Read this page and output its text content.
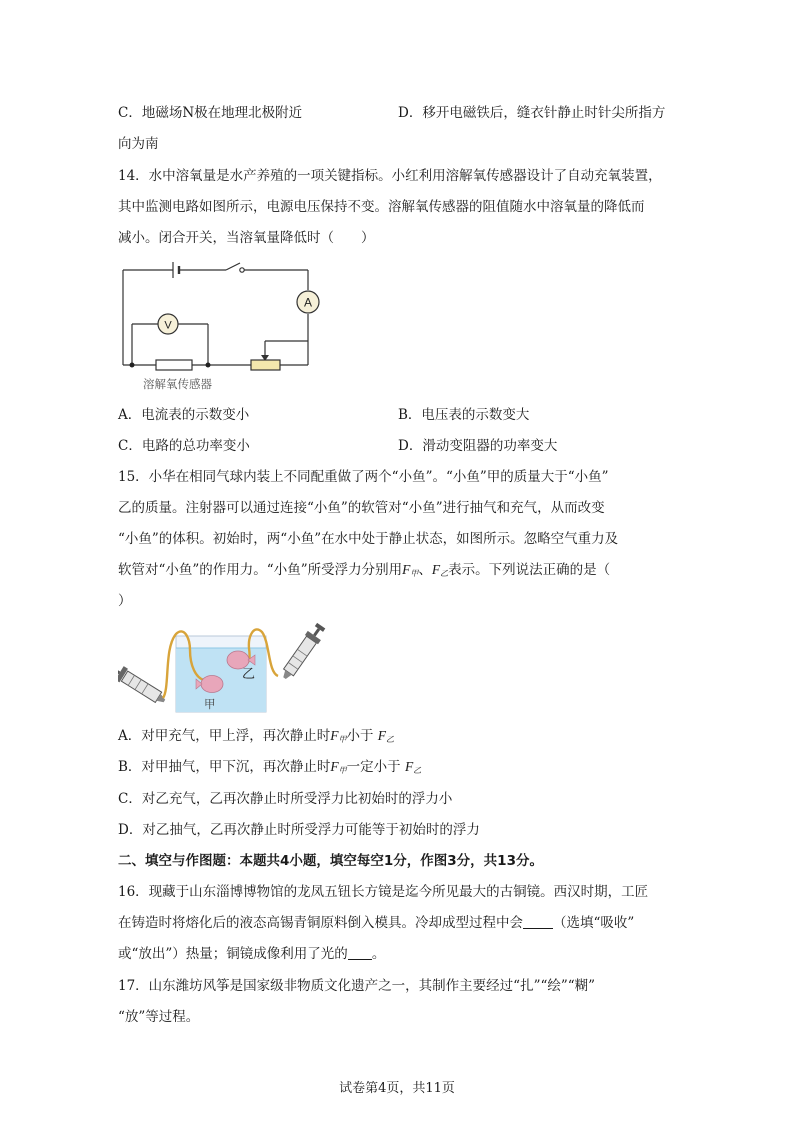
C．地磁场N极在地理北极附近	D．移开电磁铁后，缝衣针静止时针尖所指方
向为南
14．水中溶氧量是水产养殖的一项关键指标。小红利用溶解氧传感器设计了自动充氧装置，
其中监测电路如图所示，电源电压保持不变。溶解氧传感器的阻值随水中溶氧量的降低而
减小。闭合开关，当溶氧量降低时（　　）
A
V
溶解氧传感器
A．电流表的示数变小	B．电压表的示数变大
C．电路的总功率变小	D．滑动变阻器的功率变大
15．小华在相同气球内装上不同配重做了两个“小鱼”。“小鱼”甲的质量大于“小鱼”
乙的质量。注射器可以通过连接“小鱼”的软管对“小鱼”进行抽气和充气，从而改变
“小鱼”的体积。初始时，两“小鱼”在水中处于静止状态，如图所示。忽略空气重力及
软管对“小鱼”的作用力。“小鱼”所受浮力分别用$F_甲$、$F_乙$表示。下列说法正确的是（
）
乙
甲
A．对甲充气，甲上浮，再次静止时$F_甲$小于 $F_乙$
B．对甲抽气，甲下沉，再次静止时$F_甲$一定小于 $F_乙$
C．对乙充气，乙再次静止时所受浮力比初始时的浮力小
D．对乙抽气，乙再次静止时所受浮力可能等于初始时的浮力
二、填空与作图题：本题共4小题，填空每空1分，作图3分，共13分。
16．现藏于山东淄博博物馆的龙凤五钮长方镜是迄今所见最大的古铜镜。西汉时期，工匠
在铸造时将熔化后的液态高锡青铜原料倒入模具。冷却成型过程中会 （选填“吸收”
或“放出”）热量；铜镜成像利用了光的 。
17．山东潍坊风筝是国家级非物质文化遗产之一，其制作主要经过“扎”“绘”“糊”
“放”等过程。
试卷第4页，共11页
